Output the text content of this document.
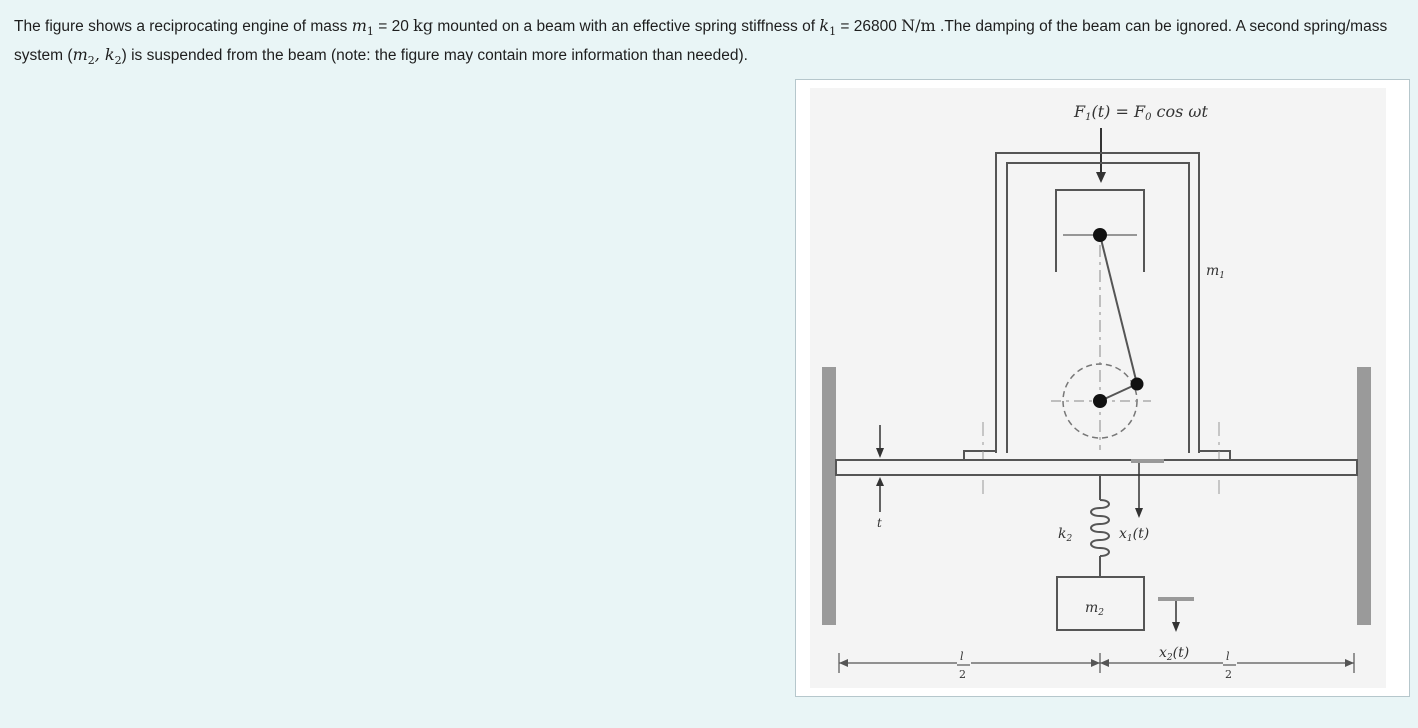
The figure shows a reciprocating engine of mass $m_1 = 20$ kg mounted on a beam with an effective spring stiffness of $k_1 = 26800$ N/m .The damping of the beam can be ignored. A second spring/mass system ($m_2$, $k_2$) is suspended from the beam (note: the figure may contain more information than needed).

F1(t) = F0 cos ωt
$m_1$
t
$k_2$	$x_1(t)$
$m_2$
$x_2(t)$
l
2
l
2
